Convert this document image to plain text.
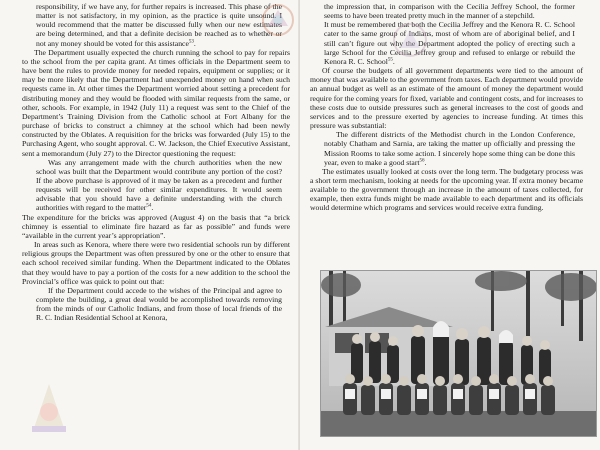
responsibility, if we have any, for further repairs is increased. This phase of the matter is not satisfactory, in my opinion, as the practice is quite unsound. I would recommend that the matter be discussed fully when our new estimates are being determined, and that a definite decision be reached as to whether or not any money should be voted for this assistance$^{53}$.

The Department usually expected the church running the school to pay for repairs to the school from the per capita grant. At times officials in the Department seem to have bent the rules to provide money for needed repairs, equipment or supplies; or it may be more likely that the Department had unexpended money on hand when such requests came in. At other times the Department worried about setting a precedent for distributing money and they would be flooded with similar requests from the same, or other, schools. For example, in 1942 (July 11) a request was sent to the Chief of the Department’s Training Division from the Catholic school at Fort Albany for the purchase of bricks to construct a chimney at the school which had been newly constructed by the Oblates. A requisition for the bricks was forwarded (July 15) to the Purchasing Agent, who sought approval. C. W. Jackson, the Chief Executive Assistant, sent a memorandum (July 27) to the Director questioning the request:

Was any arrangement made with the church authorities when the new school was built that the Department would contribute any portion of the cost? If the above purchase is approved of it may be taken as a precedent and further requests will be received for other similar expenditures. It would seem advisable that you should have a definite understanding with the church authorities with regard to the matter$^{54}$.

The expenditure for the bricks was approved (August 4) on the basis that “a brick chimney is essential to eliminate fire hazard as far as possible” and funds were “available in the current year’s appropriation”.

In areas such as Kenora, where there were two residential schools run by different religious groups the Department was often pressured by one or the other to ensure that each school received similar funding. When the Department indicated to the Oblates that they would have to pay a portion of the costs for a new addition to the school the Provincial’s office was quick to point out that:

If the Department could accede to the wishes of the Principal and agree to complete the building, a great deal would be accomplished towards removing from the minds of our Catholic Indians, and from those of local friends of the R. C. Indian Residential School at Kenora,

the impression that, in comparison with the Cecilia Jeffrey School, the former seems to have been treated pretty much in the manner of a stepchild.

It must be remembered that both the Cecilia Jeffrey and the Kenora R. C. School cater to the same group of Indians, most of whom are of aboriginal belief, and I still can’t figure out why the Department adopted the policy of erecting such a large School for the Cecilia Jeffrey group and refused to enlarge or rebuild the Kenora R. C. School$^{55}$.

Of course the budgets of all government departments were tied to the amount of money that was available to the government from taxes. Each department would provide an annual budget as well as an estimate of the amount of money the department would require for the coming years for fixed, variable and contingent costs, and for increases to these costs due to outside pressures such as general increases to the cost of goods and services and to the pressure exerted by agencies to increase funding. At times this pressure was substantial:

The different districts of the Methodist church in the London Conference, notably Chatham and Sarnia, are taking the matter up officially and pressing the Mission Rooms to take some action. I sincerely hope some thing can be done this year, even to make a good start$^{56}$.

The estimates usually looked at costs over the long term. The budgetary process was a short term mechanism, looking at needs for the upcoming year. If extra money became available to the government through an increase in the amount of taxes collected, for example, then extra funds might be made available to each department and its officials would determine which programs and services would receive extra funding.
